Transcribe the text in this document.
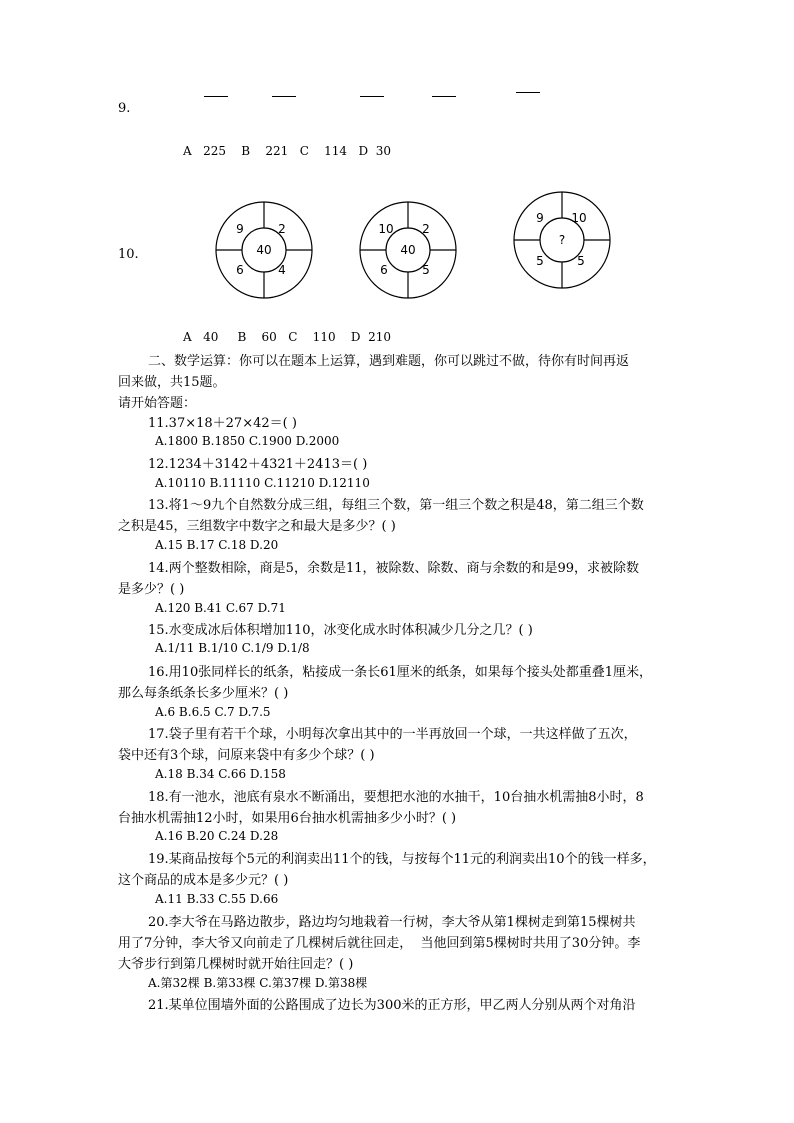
9.
A   225    B    221   C    114   D  30
10.
9	2
40
6	4
10 2
40
6	5
9 10
?
5	5
A   40     B    60   C    110    D  210
二、数学运算：你可以在题本上运算，遇到难题，你可以跳过不做，待你有时间再返
回来做，共15题。
请开始答题：
11.37×18＋27×42＝( )
A.1800 B.1850 C.1900 D.2000
12.1234＋3142＋4321＋2413＝( )
A.10110 B.11110 C.11210 D.12110
13.将1～9九个自然数分成三组，每组三个数，第一组三个数之积是48，第二组三个数
之积是45，三组数字中数字之和最大是多少？( )
A.15 B.17 C.18 D.20
14.两个整数相除，商是5，余数是11，被除数、除数、商与余数的和是99，求被除数
是多少？( )
A.120 B.41 C.67 D.71
15.水变成冰后体积增加110，冰变化成水时体积减少几分之几？( )
A.1/11 B.1/10 C.1/9 D.1/8
16.用10张同样长的纸条，粘接成一条长61厘米的纸条，如果每个接头处都重叠1厘米，
那么每条纸条长多少厘米？( )
A.6 B.6.5 C.7 D.7.5
17.袋子里有若干个球，小明每次拿出其中的一半再放回一个球，一共这样做了五次，
袋中还有3个球，问原来袋中有多少个球？( )
A.18 B.34 C.66 D.158
18.有一池水，池底有泉水不断涌出，要想把水池的水抽干，10台抽水机需抽8小时，8
台抽水机需抽12小时，如果用6台抽水机需抽多少小时？( )
A.16 B.20 C.24 D.28
19.某商品按每个5元的利润卖出11个的钱，与按每个11元的利润卖出10个的钱一样多，
这个商品的成本是多少元？( )
A.11 B.33 C.55 D.66
20.李大爷在马路边散步，路边均匀地栽着一行树，李大爷从第1棵树走到第15棵树共
用了7分钟，李大爷又向前走了几棵树后就往回走，  当他回到第5棵树时共用了30分钟。李
大爷步行到第几棵树时就开始往回走？( )
A.第32棵 B.第33棵 C.第37棵 D.第38棵
21.某单位围墙外面的公路围成了边长为300米的正方形，甲乙两人分别从两个对角沿
